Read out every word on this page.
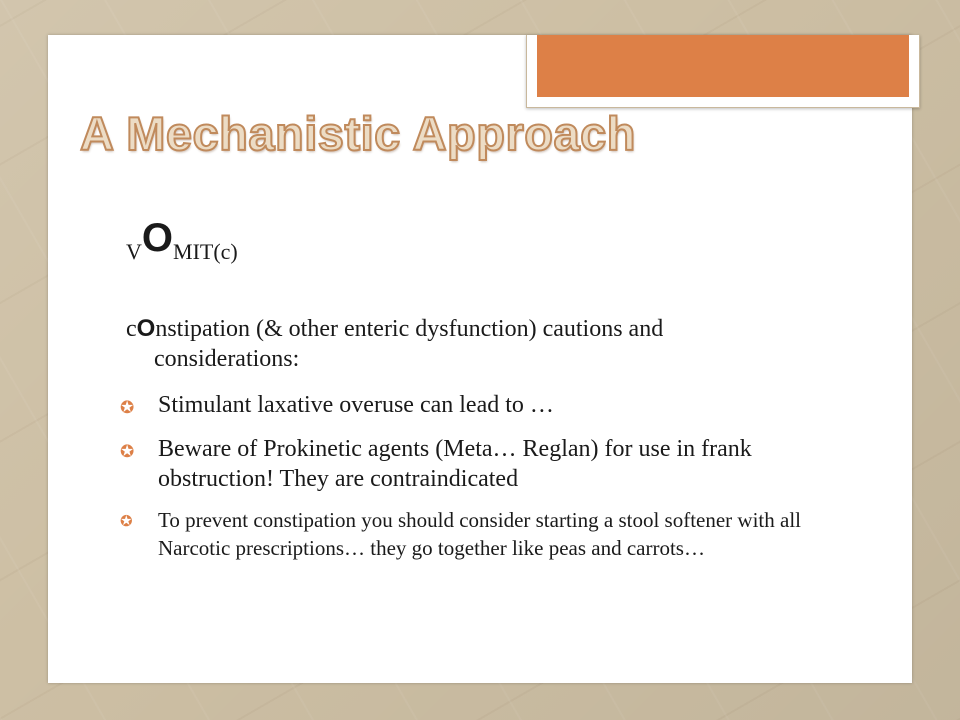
A Mechanistic Approach
VOMIT(c)
cOnstipation (& other enteric dysfunction) cautions and considerations:
✪ Stimulant laxative overuse can lead to …
✪ Beware of Prokinetic agents (Meta… Reglan) for use in frank obstruction! They are contraindicated
✪ To prevent constipation you should consider starting a stool softener with all Narcotic prescriptions… they go together like peas and carrots…
